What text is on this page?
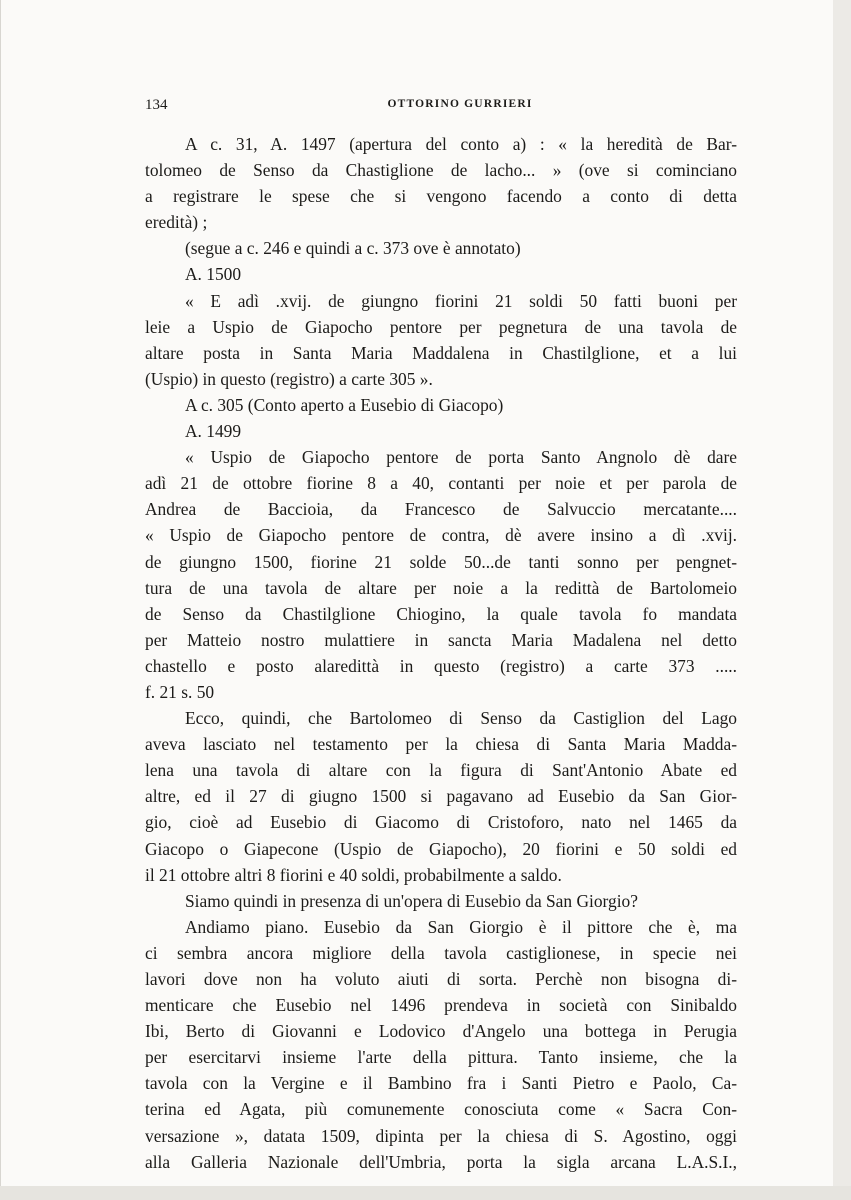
134	OTTORINO GURRIERI
A c. 31, A. 1497 (apertura del conto a) : « la heredità de Bar-
tolomeo de Senso da Chastiglione de lacho... » (ove si cominciano
a registrare le spese che si vengono facendo a conto di detta
eredità) ;
(segue a c. 246 e quindi a c. 373 ove è annotato)
A. 1500
« E adì .xvij. de giungno fiorini 21 soldi 50 fatti buoni per
leie a Uspio de Giapocho pentore per pegnetura de una tavola de
altare posta in Santa Maria Maddalena in Chastilglione, et a lui
(Uspio) in questo (registro) a carte 305 ».
A c. 305 (Conto aperto a Eusebio di Giacopo)
A. 1499
« Uspio de Giapocho pentore de porta Santo Angnolo dè dare
adì 21 de ottobre fiorine 8 a 40, contanti per noie et per parola de
Andrea de Baccioia, da Francesco de Salvuccio mercatante....
« Uspio de Giapocho pentore de contra, dè avere insino a dì .xvij.
de giungno 1500, fiorine 21 solde 50...de tanti sonno per pengnet-
tura de una tavola de altare per noie a la redittà de Bartolomeio
de Senso da Chastilglione Chiogino, la quale tavola fo mandata
per Matteio nostro mulattiere in sancta Maria Madalena nel detto
chastello e posto alaredittà in questo (registro) a carte 373 .....
f. 21 s. 50
Ecco, quindi, che Bartolomeo di Senso da Castiglion del Lago
aveva lasciato nel testamento per la chiesa di Santa Maria Madda-
lena una tavola di altare con la figura di Sant'Antonio Abate ed
altre, ed il 27 di giugno 1500 si pagavano ad Eusebio da San Gior-
gio, cioè ad Eusebio di Giacomo di Cristoforo, nato nel 1465 da
Giacopo o Giapecone (Uspio de Giapocho), 20 fiorini e 50 soldi ed
il 21 ottobre altri 8 fiorini e 40 soldi, probabilmente a saldo.
Siamo quindi in presenza di un'opera di Eusebio da San Giorgio?
Andiamo piano. Eusebio da San Giorgio è il pittore che è, ma
ci sembra ancora migliore della tavola castiglionese, in specie nei
lavori dove non ha voluto aiuti di sorta. Perchè non bisogna di-
menticare che Eusebio nel 1496 prendeva in società con Sinibaldo
Ibi, Berto di Giovanni e Lodovico d'Angelo una bottega in Perugia
per esercitarvi insieme l'arte della pittura. Tanto insieme, che la
tavola con la Vergine e il Bambino fra i Santi Pietro e Paolo, Ca-
terina ed Agata, più comunemente conosciuta come « Sacra Con-
versazione », datata 1509, dipinta per la chiesa di S. Agostino, oggi
alla Galleria Nazionale dell'Umbria, porta la sigla arcana L.A.S.I.,
